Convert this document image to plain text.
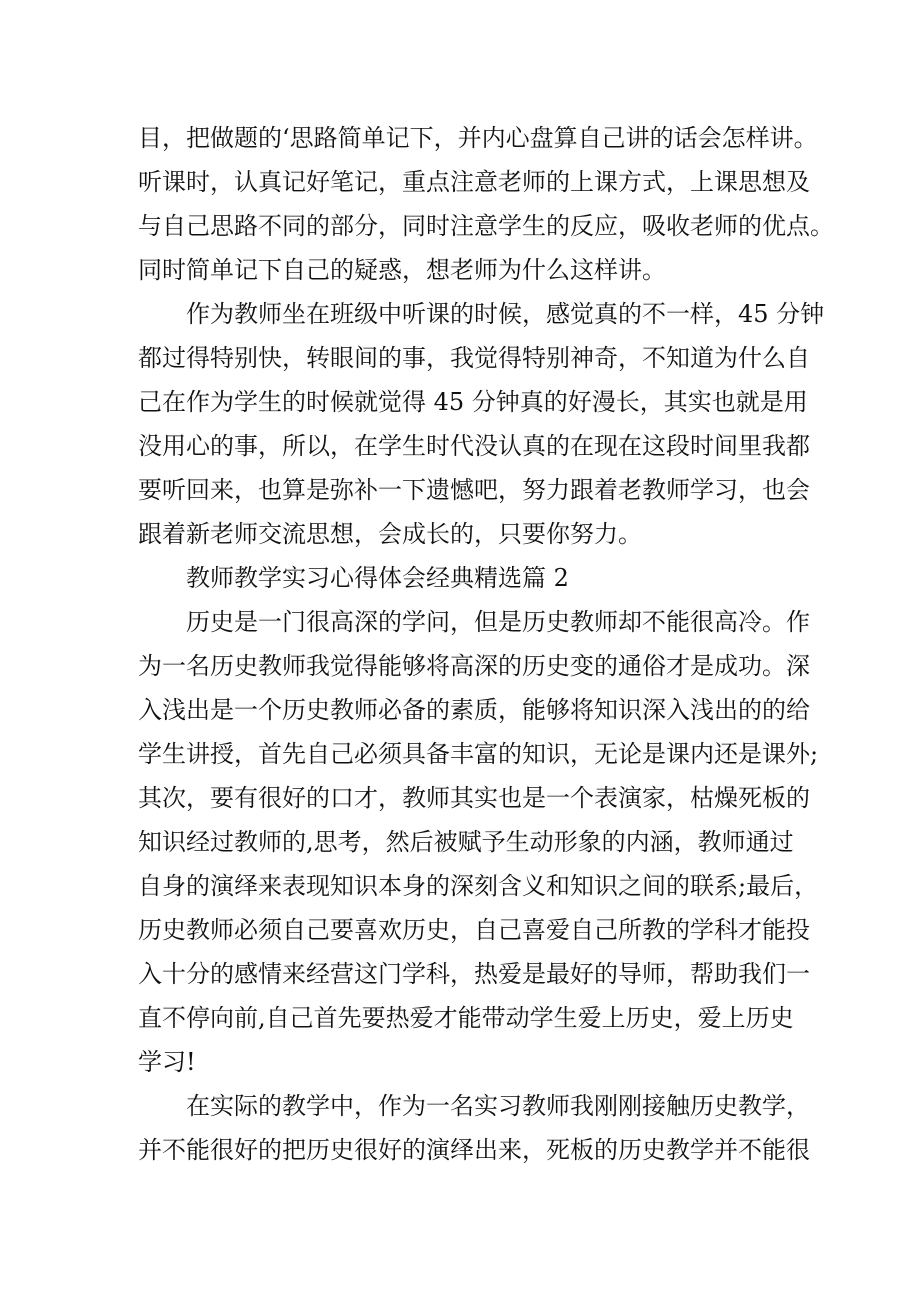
目，把做题的‘思路简单记下，并内心盘算自己讲的话会怎样讲。
听课时，认真记好笔记，重点注意老师的上课方式，上课思想及
与自己思路不同的部分，同时注意学生的反应，吸收老师的优点。
同时简单记下自己的疑惑，想老师为什么这样讲。
作为教师坐在班级中听课的时候，感觉真的不一样，45 分钟
都过得特别快，转眼间的事，我觉得特别神奇，不知道为什么自
己在作为学生的时候就觉得 45 分钟真的好漫长，其实也就是用
没用心的事，所以，在学生时代没认真的在现在这段时间里我都
要听回来，也算是弥补一下遗憾吧，努力跟着老教师学习，也会
跟着新老师交流思想，会成长的，只要你努力。
教师教学实习心得体会经典精选篇 2
历史是一门很高深的学问，但是历史教师却不能很高冷。作
为一名历史教师我觉得能够将高深的历史变的通俗才是成功。深
入浅出是一个历史教师必备的素质，能够将知识深入浅出的的给
学生讲授，首先自己必须具备丰富的知识，无论是课内还是课外;
其次，要有很好的口才，教师其实也是一个表演家，枯燥死板的
知识经过教师的,思考，然后被赋予生动形象的内涵，教师通过
自身的演绎来表现知识本身的深刻含义和知识之间的联系;最后，
历史教师必须自己要喜欢历史，自己喜爱自己所教的学科才能投
入十分的感情来经营这门学科，热爱是最好的导师，帮助我们一
直不停向前,自己首先要热爱才能带动学生爱上历史，爱上历史
学习!
在实际的教学中，作为一名实习教师我刚刚接触历史教学，
并不能很好的把历史很好的演绎出来，死板的历史教学并不能很
